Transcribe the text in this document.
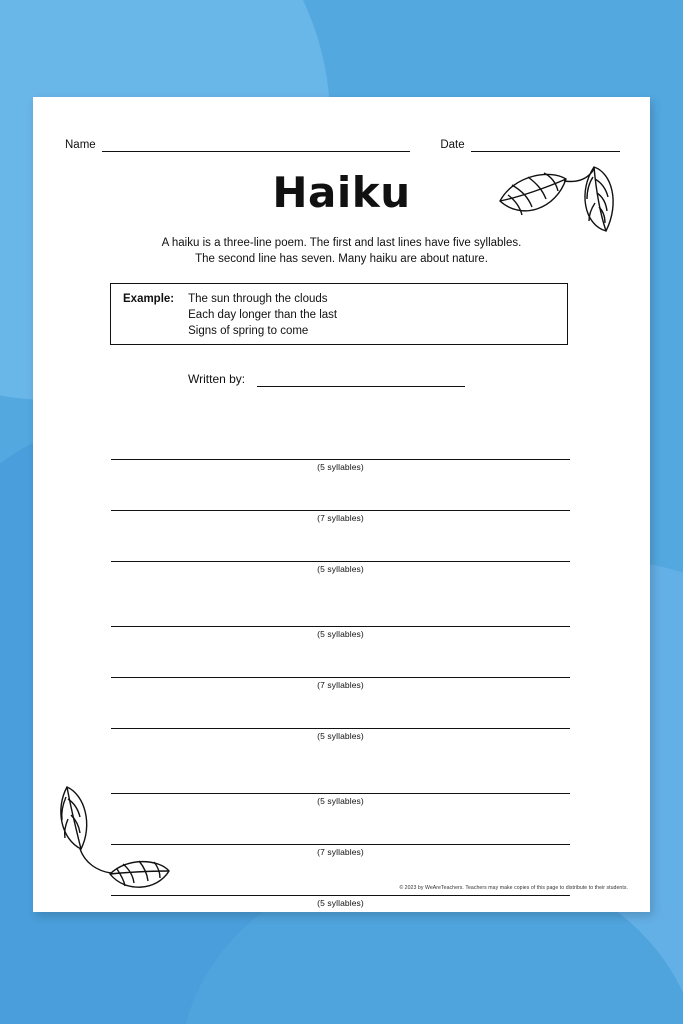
Name	Date
Haiku
A haiku is a three-line poem. The first and last lines have five syllables.
The second line has seven. Many haiku are about nature.
Example: The sun through the clouds
Each day longer than the last
Signs of spring to come
Written by:
(5 syllables)
(7 syllables)
(5 syllables)
(5 syllables)
(7 syllables)
(5 syllables)
(5 syllables)
(7 syllables)
(5 syllables)
© 2023 by WeAreTeachers. Teachers may make copies of this page to distribute to their students.
